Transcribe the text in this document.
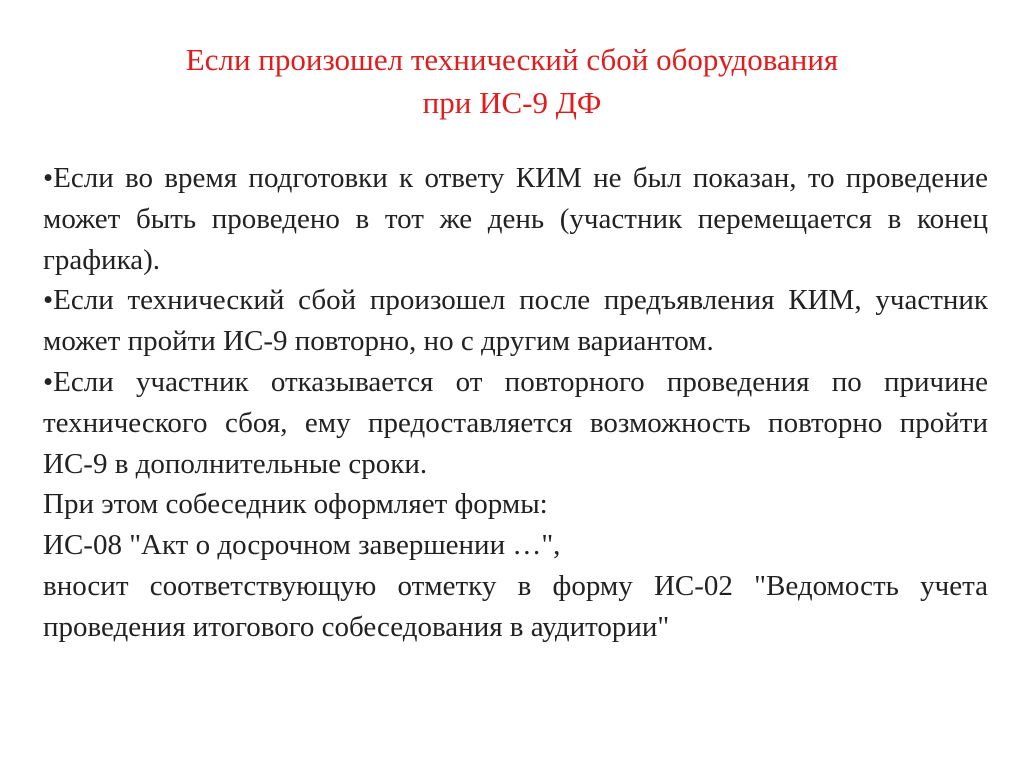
Если произошел технический сбой оборудования
при ИС-9 ДФ

•Если во время подготовки к ответу КИМ не был показан, то проведение может быть проведено в тот же день (участник перемещается в конец графика).

•Если технический сбой произошел после предъявления КИМ, участник может пройти ИС-9 повторно, но с другим вариантом.

•Если участник отказывается от повторного проведения по причине технического сбоя, ему предоставляется возможность повторно пройти ИС-9 в дополнительные сроки.

При этом собеседник оформляет формы:

ИС-08 "Акт о досрочном завершении …",

вносит соответствующую отметку в форму ИС-02 "Ведомость учета проведения итогового собеседования в аудитории"
